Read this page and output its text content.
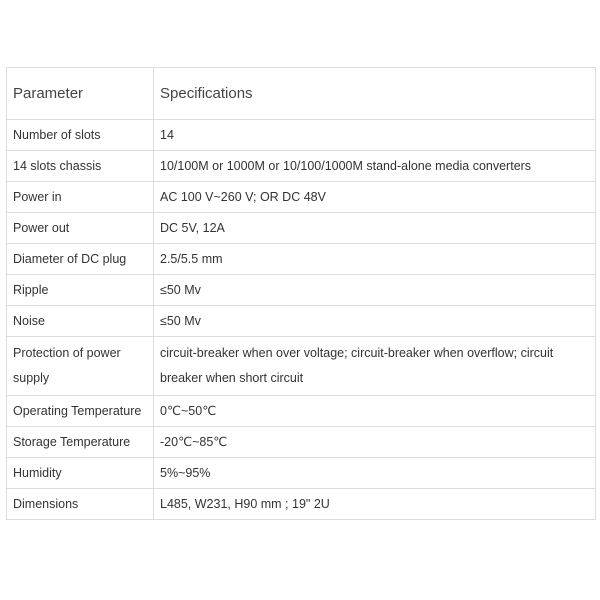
Parameter	Specifications
Number of slots	14
14 slots chassis	10/100M or 1000M or 10/100/1000M stand-alone media converters
Power in	AC 100 V~260 V; OR DC 48V
Power out	DC 5V, 12A
Diameter of DC plug	2.5/5.5 mm
Ripple	≤50 Mv
Noise	≤50 Mv
Protection of power supply	circuit-breaker when over voltage; circuit-breaker when overflow; circuit breaker when short circuit
Operating Temperature	0℃~50℃
Storage Temperature	-20℃~85℃
Humidity	5%~95%
Dimensions	L485, W231, H90 mm ; 19" 2U
